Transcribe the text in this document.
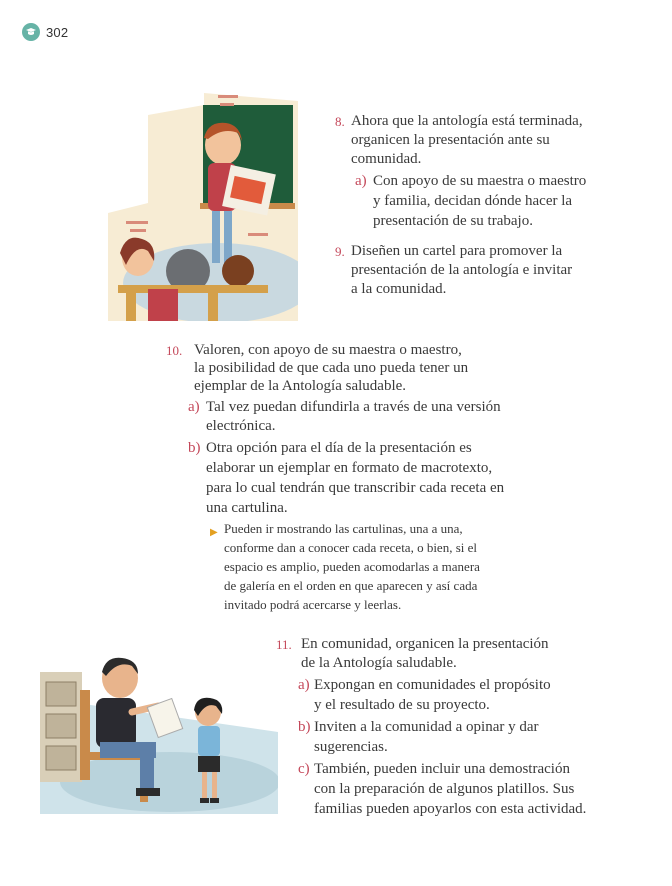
302
8. Ahora que la antología está terminada,
organicen la presentación ante su
comunidad.
a) Con apoyo de su maestra o maestro
y familia, decidan dónde hacer la
presentación de su trabajo.
9. Diseñen un cartel para promover la
presentación de la antología e invitar
a la comunidad.
10. Valoren, con apoyo de su maestra o maestro,
la posibilidad de que cada uno pueda tener un
ejemplar de la Antología saludable.
a) Tal vez puedan difundirla a través de una versión
electrónica.
b) Otra opción para el día de la presentación es
elaborar un ejemplar en formato de macrotexto,
para lo cual tendrán que transcribir cada receta en
una cartulina.
▶ Pueden ir mostrando las cartulinas, una a una,
conforme dan a conocer cada receta, o bien, si el
espacio es amplio, pueden acomodarlas a manera
de galería en el orden en que aparecen y así cada
invitado podrá acercarse y leerlas.
11. En comunidad, organicen la presentación
de la Antología saludable.
a) Expongan en comunidades el propósito
y el resultado de su proyecto.
b) Inviten a la comunidad a opinar y dar
sugerencias.
c) También, pueden incluir una demostración
con la preparación de algunos platillos. Sus
familias pueden apoyarlos con esta actividad.
